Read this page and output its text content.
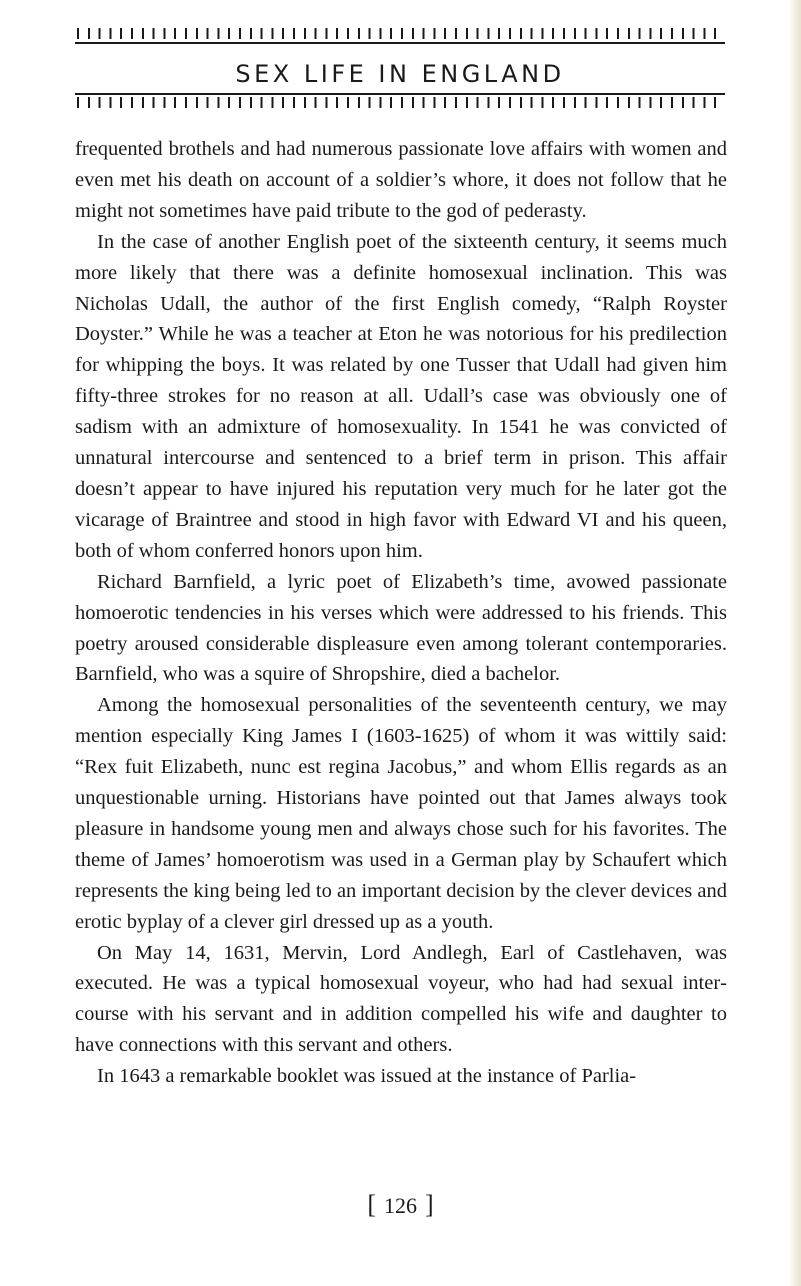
SEX LIFE IN ENGLAND

frequented brothels and had numerous passionate love affairs with women and even met his death on account of a soldier’s whore, it does not follow that he might not sometimes have paid tribute to the god of pederasty.

In the case of another English poet of the sixteenth century, it seems much more likely that there was a definite homosexual inclination. This was Nicholas Udall, the author of the first English comedy, “Ralph Royster Doyster.” While he was a teacher at Eton he was notorious for his predilection for whipping the boys. It was related by one Tusser that Udall had given him fifty-three strokes for no reason at all. Udall’s case was obviously one of sadism with an admixture of homosexuality. In 1541 he was convicted of unnatural intercourse and sentenced to a brief term in prison. This affair doesn’t appear to have injured his reputation very much for he later got the vicarage of Braintree and stood in high favor with Edward VI and his queen, both of whom conferred honors upon him.

Richard Barnfield, a lyric poet of Elizabeth’s time, avowed passionate homoerotic tendencies in his verses which were addressed to his friends. This poetry aroused considerable displeasure even among tolerant contemporaries. Barnfield, who was a squire of Shropshire, died a bachelor.

Among the homosexual personalities of the seventeenth century, we may mention especially King James I (1603-1625) of whom it was wittily said: “Rex fuit Elizabeth, nunc est regina Jacobus,” and whom Ellis regards as an unquestionable urning. Historians have pointed out that James always took pleasure in handsome young men and always chose such for his favorites. The theme of James’ homoerotism was used in a German play by Schaufert which represents the king being led to an important decision by the clever devices and erotic byplay of a clever girl dressed up as a youth.

On May 14, 1631, Mervin, Lord Andlegh, Earl of Castlehaven, was executed. He was a typical homosexual voyeur, who had had sexual intercourse with his servant and in addition compelled his wife and daughter to have connections with this servant and others.

In 1643 a remarkable booklet was issued at the instance of Parlia-

[ 126 ]
